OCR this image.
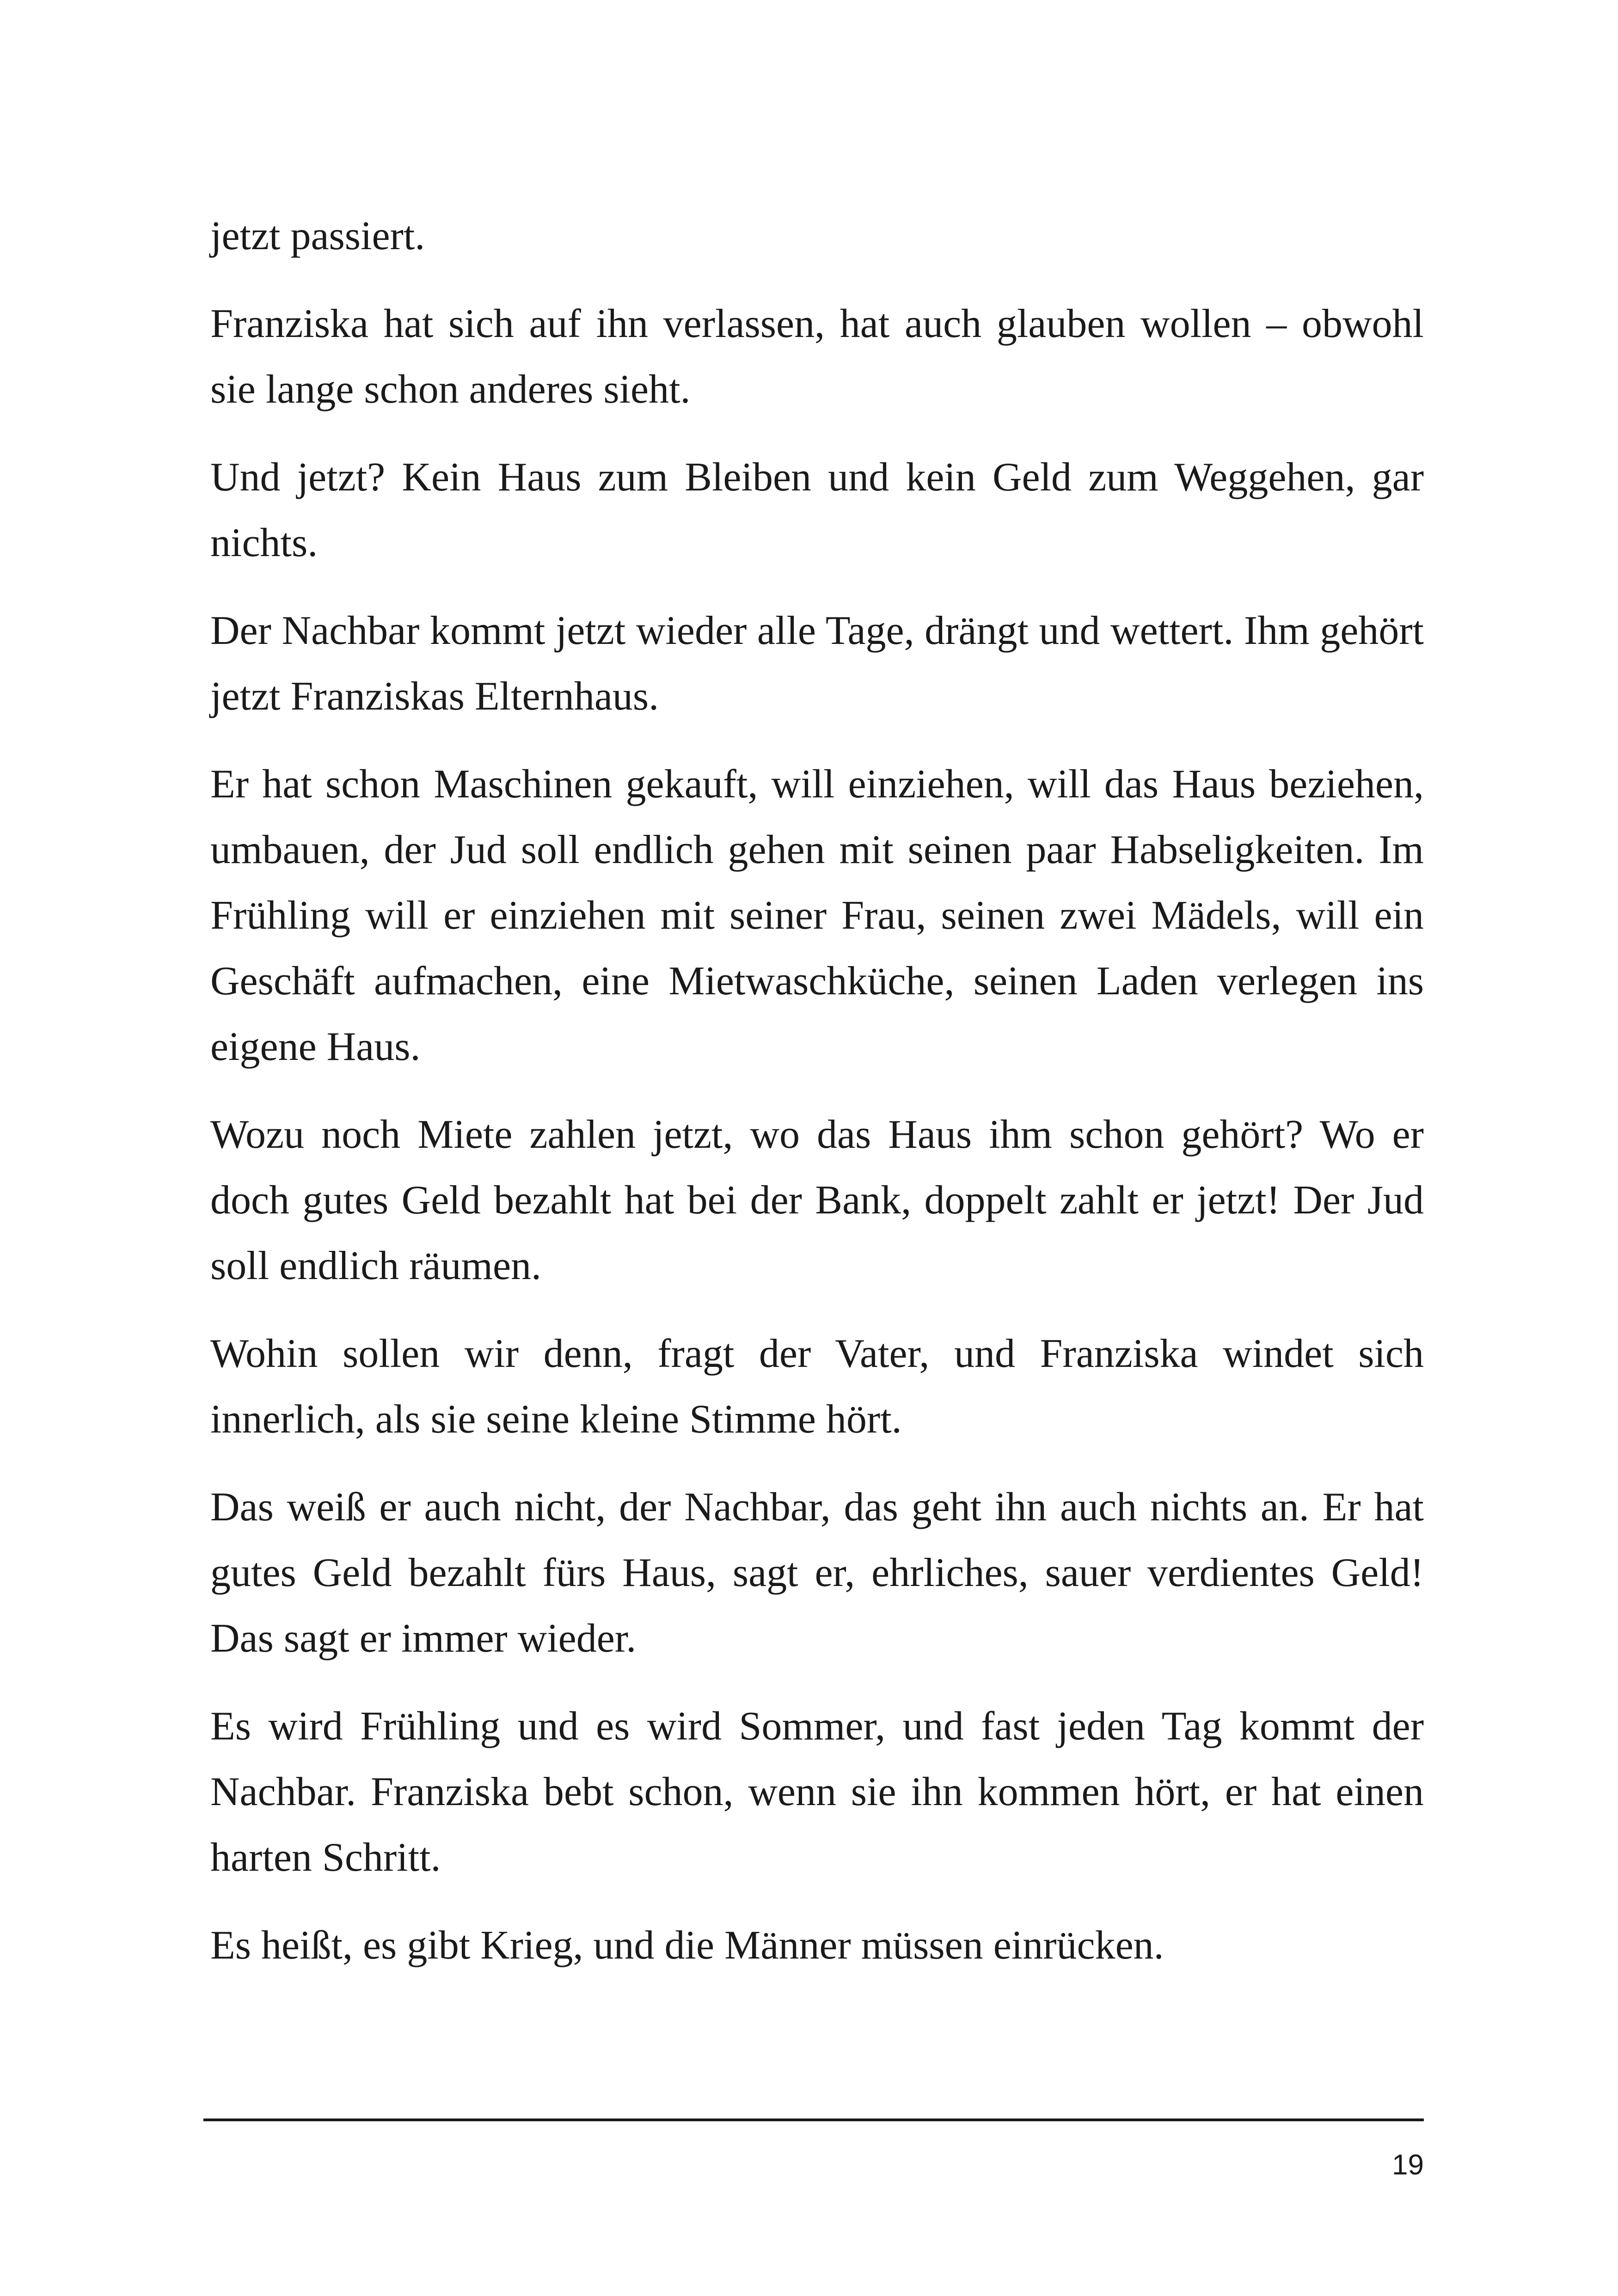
jetzt passiert.

Franziska hat sich auf ihn verlassen, hat auch glauben wollen – obwohl sie lange schon anderes sieht.

Und jetzt? Kein Haus zum Bleiben und kein Geld zum Weggehen, gar nichts.

Der Nachbar kommt jetzt wieder alle Tage, drängt und wettert. Ihm gehört jetzt Franziskas Elternhaus.

Er hat schon Maschinen gekauft, will einziehen, will das Haus beziehen, umbauen, der Jud soll endlich gehen mit seinen paar Habseligkeiten. Im Frühling will er einziehen mit seiner Frau, seinen zwei Mädels, will ein Geschäft aufmachen, eine Mietwaschküche, seinen Laden verlegen ins eigene Haus.

Wozu noch Miete zahlen jetzt, wo das Haus ihm schon gehört? Wo er doch gutes Geld bezahlt hat bei der Bank, doppelt zahlt er jetzt! Der Jud soll endlich räumen.

Wohin sollen wir denn, fragt der Vater, und Franziska windet sich innerlich, als sie seine kleine Stimme hört.

Das weiß er auch nicht, der Nachbar, das geht ihn auch nichts an. Er hat gutes Geld bezahlt fürs Haus, sagt er, ehrliches, sauer verdientes Geld! Das sagt er immer wieder.

Es wird Frühling und es wird Sommer, und fast jeden Tag kommt der Nachbar. Franziska bebt schon, wenn sie ihn kommen hört, er hat einen harten Schritt.

Es heißt, es gibt Krieg, und die Männer müssen einrücken.

19
